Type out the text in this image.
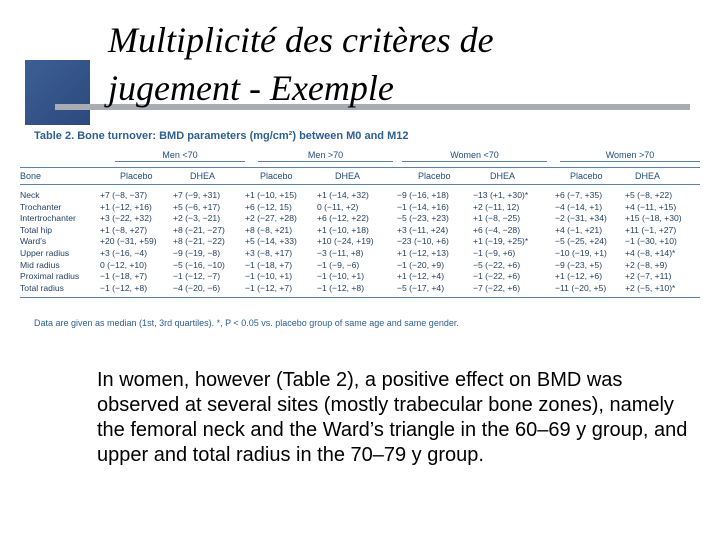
Multiplicité des critères de
jugement - Exemple
Table 2. Bone turnover: BMD parameters (mg/cm²) between M0 and M12
Men <70	Men >70	Women <70	Women >70
Bone	Placebo	DHEA	Placebo	DHEA	Placebo	DHEA	Placebo	DHEA
Neck	+7 (−8, −37)	+7 (−9, +31)	+1 (−10, +15)	+1 (−14, +32)	−9 (−16, +18)	−13 (+1, +30)*	+6 (−7, +35)	+5 (−8, +22)
Trochanter	+1 (−12, +16)	+5 (−6, +17)	+6 (−12, 15)	0 (−11, +2)	−1 (−14, +16)	+2 (−11, 12)	−4 (−14, +1)	+4 (−11, +15)
Intertrochanter	+3 (−22, +32)	+2 (−3, −21)	+2 (−27, +28)	+6 (−12, +22)	−5 (−23, +23)	+1 (−8, −25)	−2 (−31, +34)	+15 (−18, +30)
Total hip	+1 (−8, +27)	+8 (−21, −27)	+8 (−8, +21)	+1 (−10, +18)	+3 (−11, +24)	+6 (−4, −28)	+4 (−1, +21)	+11 (−1, +27)
Ward's	+20 (−31, +59)	+8 (−21, −22)	+5 (−14, +33)	+10 (−24, +19)	−23 (−10, +6)	+1 (−19, +25)*	−5 (−25, +24)	−1 (−30, +10)
Upper radius	+3 (−16, −4)	−9 (−19, −8)	+3 (−8, +17)	−3 (−11, +8)	+1 (−12, +13)	−1 (−9, +6)	−10 (−19, +1)	+4 (−8, +14)*
Mid radius	0 (−12, +10)	−5 (−16, −10)	−1 (−18, +7)	−1 (−9, −6)	−1 (−20, +9)	−5 (−22, +6)	−9 (−23, +5)	+2 (−8, +9)
Proximal radius	−1 (−18, +7)	−1 (−12, −7)	−1 (−10, +1)	−1 (−10, +1)	+1 (−12, +4)	−1 (−22, +6)	+1 (−12, +6)	+2 (−7, +11)
Total radius	−1 (−12, +8)	−4 (−20, −6)	−1 (−12, +7)	−1 (−12, +8)	−5 (−17, +4)	−7 (−22, +6)	−11 (−20, +5)	+2 (−5, +10)*
Data are given as median (1st, 3rd quartiles). *, P < 0.05 vs. placebo group of same age and same gender.

In women, however (Table 2), a positive effect on BMD was observed at several sites (mostly trabecular bone zones), namely the femoral neck and the Ward’s triangle in the 60–69 y group, and upper and total radius in the 70–79 y group.
